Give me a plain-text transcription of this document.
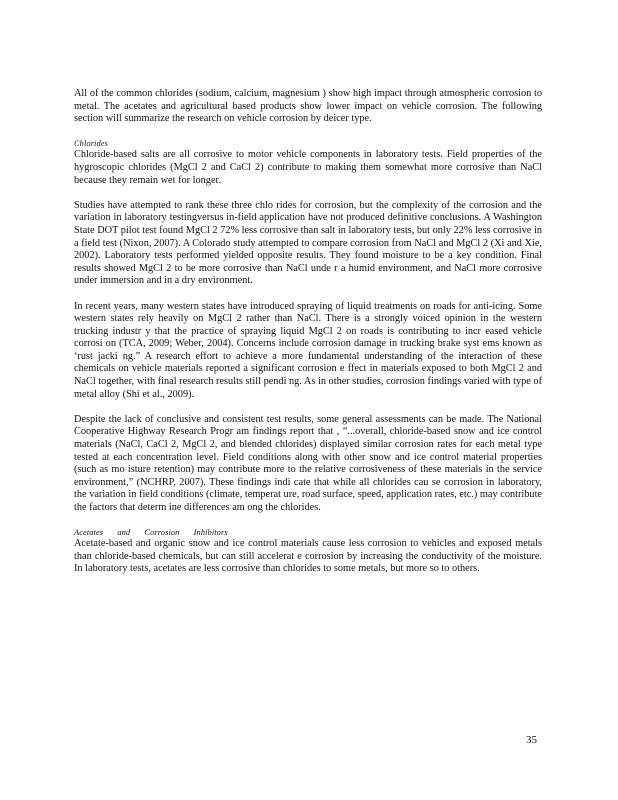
All of the common chlorides (sodium, calcium, magnesium ) show high impact through atmospheric corrosion to metal. The acetates and agricultural based products show lower impact on vehicle corrosion. The following section will summarize the research on vehicle corrosion by deicer type.

Chlorides

Chloride-based salts are all corrosive to motor vehicle components in laboratory tests. Field properties of the hygroscopic chlorides (MgCl 2 and CaCl 2) contribute to making them somewhat more corrosive than NaCl because they remain wet for longer.

Studies have attempted to rank these three chlo rides for corrosion, but the complexity of the corrosion and the variation in laboratory testingversus in-field application have not produced definitive conclusions. A Washington State DOT pilot test found MgCl 2 72% less corrosive than salt in laboratory tests, but only 22% less corrosive in a field test (Nixon, 2007). A Colorado study attempted to compare corrosion from NaCl and MgCl 2 (Xi and Xie, 2002). Laboratory tests performed yielded opposite results. They found moisture to be a key condition. Final results showed MgCl 2 to be more corrosive than NaCl unde r a humid environment, and NaCl more corrosive under immersion and in a dry environment.

In recent years, many western states have introduced spraying of liquid treatments on roads for anti-icing. Some western states rely heavily on MgCl 2 rather than NaCl. There is a strongly voiced opinion in the western trucking industr y that the practice of spraying liquid MgCl 2 on roads is contributing to incr eased vehicle corrosi on (TCA, 2009; Weber, 2004). Concerns include corrosion damage in trucking brake syst ems known as ‘rust jacki ng.” A research effort to achieve a more fundamental understanding of the interaction of these chemicals on vehicle materials reported a significant corrosion e ffect in materials exposed to both MgCl 2 and NaCl together, with final research results still pendi ng. As in other studies, corrosion findings varied with type of metal alloy (Shi et al., 2009).

Despite the lack of conclusive and consistent test results, some general assessments can be made. The National Cooperative Highway Research Progr am findings report that , “...overall, chloride-based snow and ice control materials (NaCl, CaCl 2, MgCl 2, and blended chlorides) displayed similar corrosion rates for each metal type tested at each concentration level. Field conditions along with other snow and ice control material properties (such as mo isture retention) may contribute more to the relative corrosiveness of these materials in the service environment,” (NCHRP, 2007). These findings indi cate that while all chlorides cau se corrosion in laboratory, the variation in field conditions (climate, temperat ure, road surface, speed, application rates, etc.) may contribute the factors that determ ine differences am ong the chlorides.

Acetates and Corrosion Inhibitors

Acetate-based and organic snow and ice control materials cause less corrosion to vehicles and exposed metals than chloride-based chemicals, but can still accelerat e corrosion by increasing the conductivity of the moisture. In laboratory tests, acetates are less corrosive than chlorides to some metals, but more so to others.

35
